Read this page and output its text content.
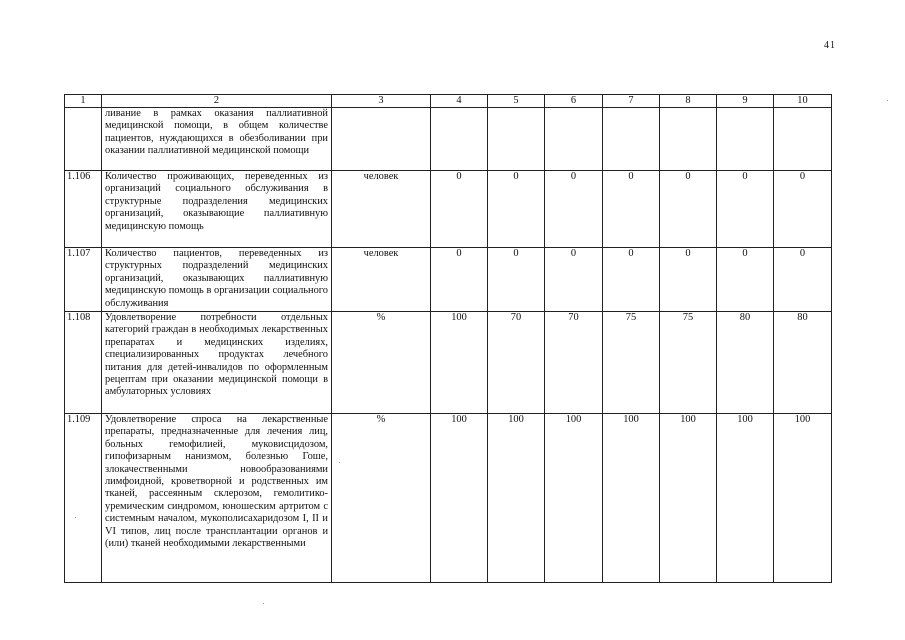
41
1	2	3	4	5	6	7	8	9	10
	ливание в рамках оказания паллиативной медицинской помощи, в общем количестве пациентов, нуждающихся в обезболивании при оказании паллиативной медицинской помощи								
1.106	Количество проживающих, переведенных из организаций социального обслуживания в структурные подразделения медицинских организаций, оказывающие паллиативную медицинскую помощь	человек	0	0	0	0	0	0	0
1.107	Количество пациентов, переведенных из структурных подразделений медицинских организаций, оказывающих паллиативную медицинскую помощь в организации социального обслуживания	человек	0	0	0	0	0	0	0
1.108	Удовлетворение потребности отдельных категорий граждан в необходимых лекарственных препаратах и медицинских изделиях, специализированных продуктах лечебного питания для детей-инвалидов по оформленным рецептам при оказании медицинской помощи в амбулаторных условиях	%	100	70	70	75	75	80	80
1.109	Удовлетворение спроса на лекарственные препараты, предназначенные для лечения лиц, больных гемофилией, муковисцидозом, гипофизарным нанизмом, болезнью Гоше, злокачественными новообразованиями лимфоидной, кроветворной и родственных им тканей, рассеянным склерозом, гемолитико-уремическим синдромом, юношеским артритом с системным началом, мукополисахаридозом I, II и VI типов, лиц после трансплантации органов и (или) тканей необходимыми лекарственными	%	100	100	100	100	100	100	100
